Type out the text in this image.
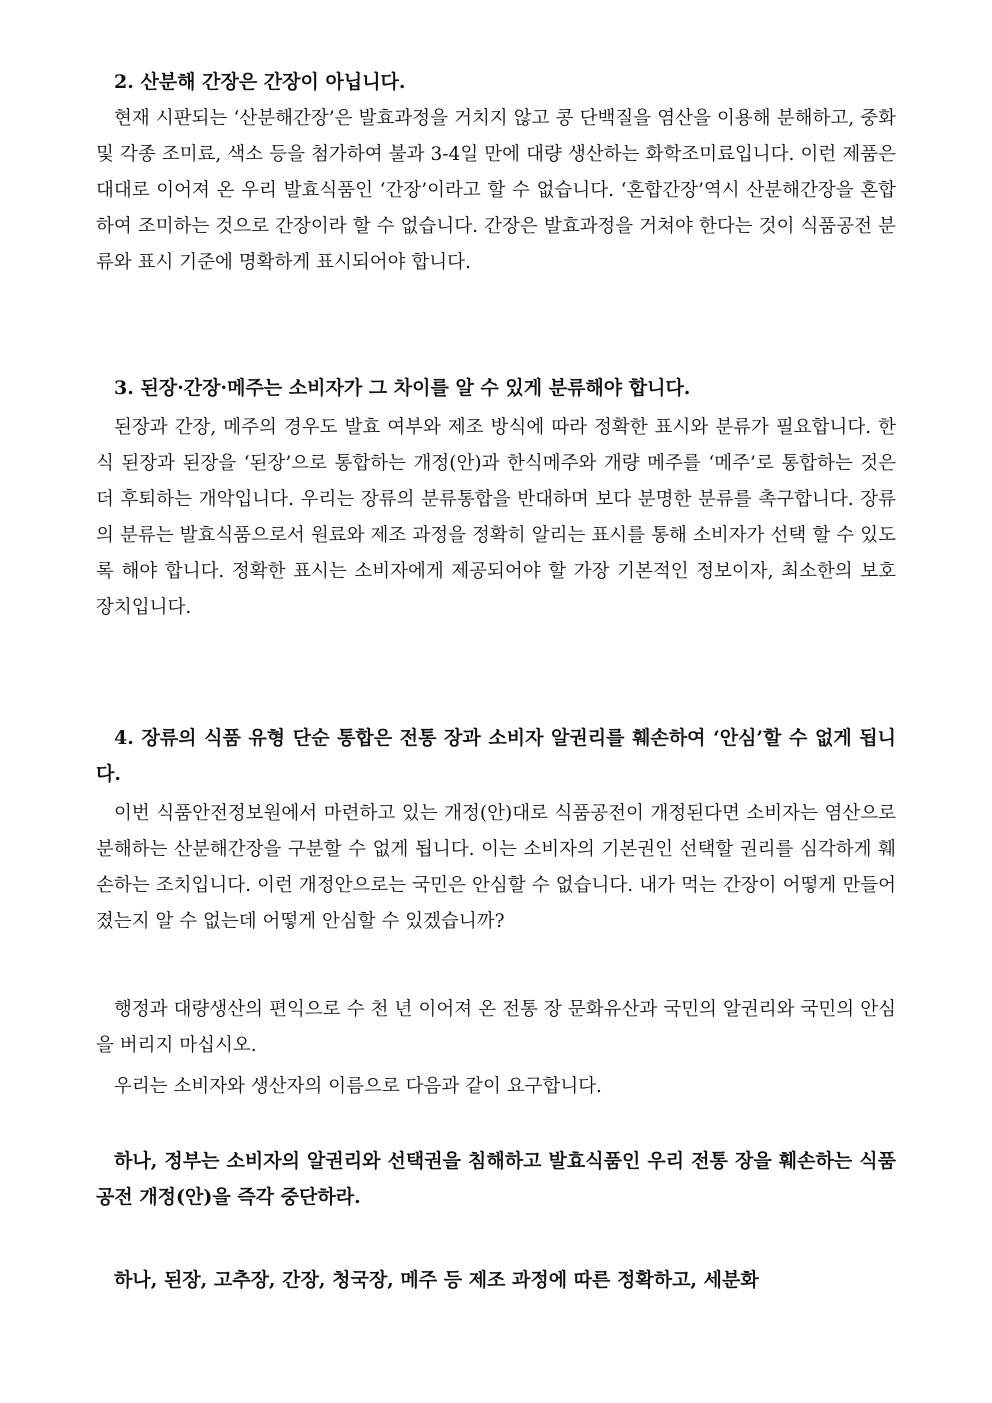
2. 산분해 간장은 간장이 아닙니다.

현재 시판되는 ‘산분해간장’은 발효과정을 거치지 않고 콩 단백질을 염산을 이용해 분해하고, 중화 및 각종 조미료, 색소 등을 첨가하여 불과 3-4일 만에 대량 생산하는 화학조미료입니다. 이런 제품은 대대로 이어져 온 우리 발효식품인 ‘간장’이라고 할 수 없습니다. ‘혼합간장’역시 산분해간장을 혼합하여 조미하는 것으로 간장이라 할 수 없습니다. 간장은 발효과정을 거쳐야 한다는 것이 식품공전 분류와 표시 기준에 명확하게 표시되어야 합니다.

3. 된장·간장·메주는 소비자가 그 차이를 알 수 있게 분류해야 합니다.

된장과 간장, 메주의 경우도 발효 여부와 제조 방식에 따라 정확한 표시와 분류가 필요합니다. 한식 된장과 된장을 ‘된장’으로 통합하는 개정(안)과 한식메주와 개량 메주를 ‘메주’로 통합하는 것은 더 후퇴하는 개악입니다. 우리는 장류의 분류통합을 반대하며 보다 분명한 분류를 촉구합니다. 장류의 분류는 발효식품으로서 원료와 제조 과정을 정확히 알리는 표시를 통해 소비자가 선택 할 수 있도록 해야 합니다. 정확한 표시는 소비자에게 제공되어야 할 가장 기본적인 정보이자, 최소한의 보호 장치입니다.

4. 장류의 식품 유형 단순 통합은 전통 장과 소비자 알권리를 훼손하여 ‘안심’할 수 없게 됩니다.

이번 식품안전정보원에서 마련하고 있는 개정(안)대로 식품공전이 개정된다면 소비자는 염산으로 분해하는 산분해간장을 구분할 수 없게 됩니다. 이는 소비자의 기본권인 선택할 권리를 심각하게 훼손하는 조치입니다. 이런 개정안으로는 국민은 안심할 수 없습니다. 내가 먹는 간장이 어떻게 만들어졌는지 알 수 없는데 어떻게 안심할 수 있겠습니까?

행정과 대량생산의 편익으로 수 천 년 이어져 온 전통 장 문화유산과 국민의 알권리와 국민의 안심을 버리지 마십시오.

우리는 소비자와 생산자의 이름으로 다음과 같이 요구합니다.

하나, 정부는 소비자의 알권리와 선택권을 침해하고 발효식품인 우리 전통 장을 훼손하는 식품공전 개정(안)을 즉각 중단하라.

하나, 된장, 고추장, 간장, 청국장, 메주 등 제조 과정에 따른 정확하고, 세분화
